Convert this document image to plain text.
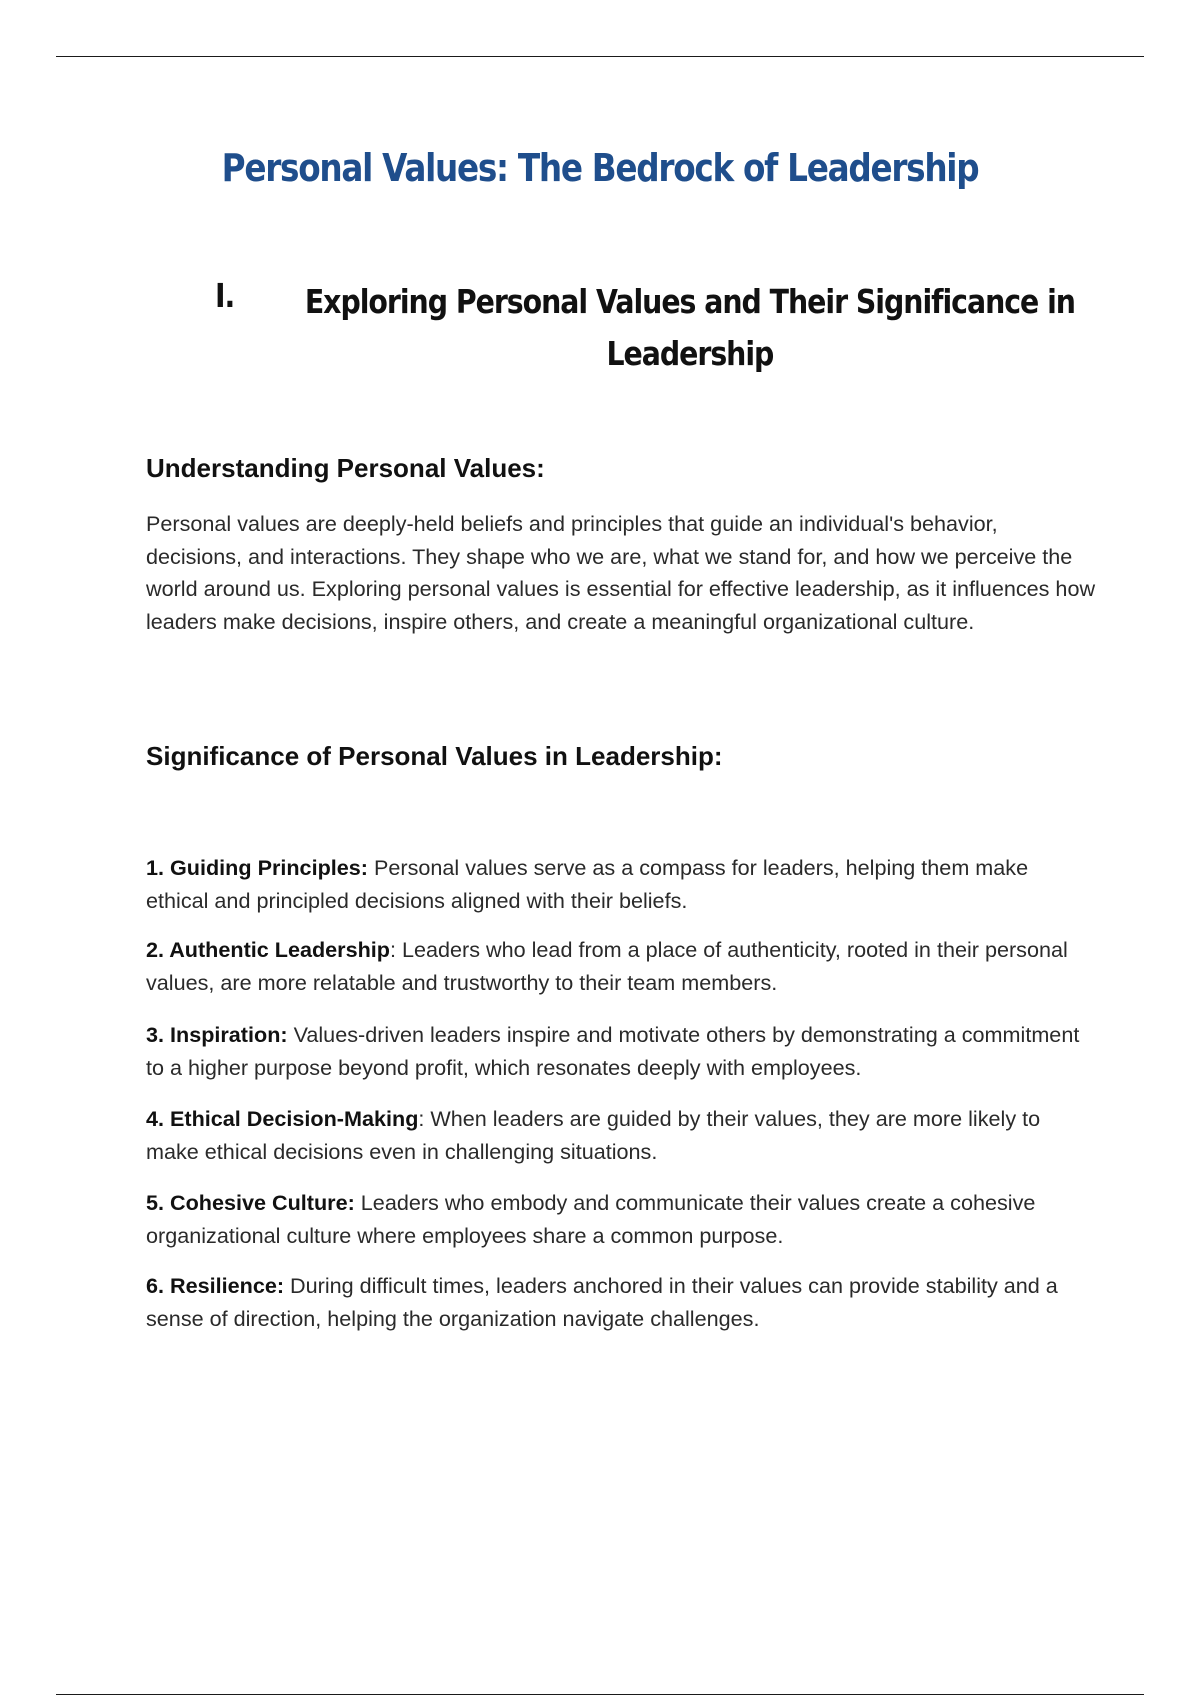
Personal Values: The Bedrock of Leadership
I.	Exploring Personal Values and Their Significance in
Leadership
Understanding Personal Values:

Personal values are deeply-held beliefs and principles that guide an individual's behavior, decisions, and interactions. They shape who we are, what we stand for, and how we perceive the world around us. Exploring personal values is essential for effective leadership, as it influences how leaders make decisions, inspire others, and create a meaningful organizational culture.

Significance of Personal Values in Leadership:

1. Guiding Principles: Personal values serve as a compass for leaders, helping them make ethical and principled decisions aligned with their beliefs.

2. Authentic Leadership: Leaders who lead from a place of authenticity, rooted in their personal values, are more relatable and trustworthy to their team members.

3. Inspiration: Values-driven leaders inspire and motivate others by demonstrating a commitment to a higher purpose beyond profit, which resonates deeply with employees.

4. Ethical Decision-Making: When leaders are guided by their values, they are more likely to make ethical decisions even in challenging situations.

5. Cohesive Culture: Leaders who embody and communicate their values create a cohesive organizational culture where employees share a common purpose.

6. Resilience: During difficult times, leaders anchored in their values can provide stability and a sense of direction, helping the organization navigate challenges.
